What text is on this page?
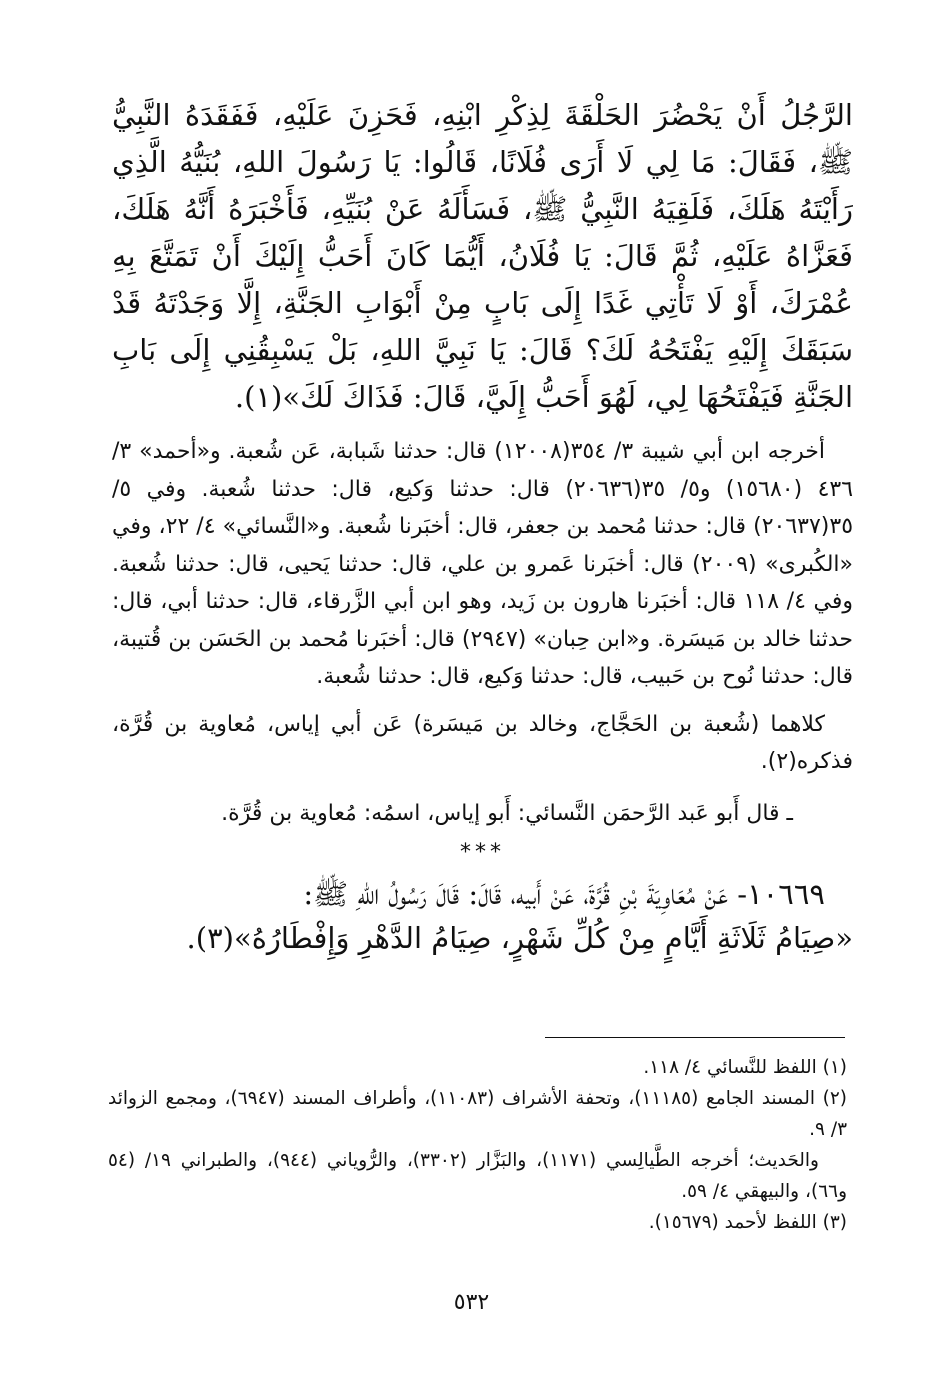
الرَّجُلُ أَنْ يَحْضُرَ الحَلْقَةَ لِذِكْرِ ابْنِهِ، فَحَزِنَ عَلَيْهِ، فَفَقَدَهُ النَّبِيُّ ﷺ، فَقَالَ: مَا لِي لَا أَرَى فُلَانًا، قَالُوا: يَا رَسُولَ اللهِ، بُنَيُّهُ الَّذِي رَأَيْتَهُ هَلَكَ، فَلَقِيَهُ النَّبِيُّ ﷺ، فَسَأَلَهُ عَنْ بُنَيِّهِ، فَأَخْبَرَهُ أَنَّهُ هَلَكَ، فَعَزَّاهُ عَلَيْهِ، ثُمَّ قَالَ: يَا فُلَانُ، أَيُّمَا كَانَ أَحَبُّ إِلَيْكَ أَنْ تَمَتَّعَ بِهِ عُمْرَكَ، أَوْ لَا تَأْتِي غَدًا إِلَى بَابٍ مِنْ أَبْوَابِ الجَنَّةِ، إِلَّا وَجَدْتَهُ قَدْ سَبَقَكَ إِلَيْهِ يَفْتَحُهُ لَكَ؟ قَالَ: يَا نَبِيَّ اللهِ، بَلْ يَسْبِقُنِي إِلَى بَابِ الجَنَّةِ فَيَفْتَحُهَا لِي، لَهُوَ أَحَبُّ إِلَيَّ، قَالَ: فَذَاكَ لَكَ»(١).

أخرجه ابن أبي شيبة ٣/ ٣٥٤(١٢٠٠٨) قال: حدثنا شَبابة، عَن شُعبة. و«أحمد» ٣/ ٤٣٦ (١٥٦٨٠) و٥/ ٣٥(٢٠٦٣٦) قال: حدثنا وَكيع، قال: حدثنا شُعبة. وفي ٥/ ٣٥(٢٠٦٣٧) قال: حدثنا مُحمد بن جعفر، قال: أخبَرنا شُعبة. و«النَّسائي» ٤/ ٢٢، وفي «الكُبرى» (٢٠٠٩) قال: أخبَرنا عَمرو بن علي، قال: حدثنا يَحيى، قال: حدثنا شُعبة. وفي ٤/ ١١٨ قال: أخبَرنا هارون بن زَيد، وهو ابن أبي الزَّرقاء، قال: حدثنا أبي، قال: حدثنا خالد بن مَيسَرة. و«ابن حِبان» (٢٩٤٧) قال: أخبَرنا مُحمد بن الحَسَن بن قُتيبة، قال: حدثنا نُوح بن حَبيب، قال: حدثنا وَكيع، قال: حدثنا شُعبة.

كلاهما (شُعبة بن الحَجَّاج، وخالد بن مَيسَرة) عَن أبي إياس، مُعاوية بن قُرَّة، فذكره(٢).

ـ قال أَبو عَبد الرَّحمَن النَّسائي: أَبو إياس، اسمُه: مُعاوية بن قُرَّة.

***

١٠٦٦٩- عَنْ مُعَاوِيَةَ بْنِ قُرَّةَ، عَنْ أَبيه، قَالَ: قَالَ رَسُولُ اللهِ ﷺ:
«صِيَامُ ثَلَاثَةِ أَيَّامٍ مِنْ كُلِّ شَهْرٍ، صِيَامُ الدَّهْرِ وَإِفْطَارُهُ»(٣).

(١) اللفظ للنَّسائي ٤/ ١١٨.

(٢) المسند الجامع (١١١٨٥)، وتحفة الأشراف (١١٠٨٣)، وأطراف المسند (٦٩٤٧)، ومجمع الزوائد ٣/ ٩.

والحَديث؛ أخرجه الطَّيالِسي (١١٧١)، والبَزَّار (٣٣٠٢)، والرُّوياني (٩٤٤)، والطبراني ١٩/ (٥٤ و٦٦)، والبيهقي ٤/ ٥٩.

(٣) اللفظ لأحمد (١٥٦٧٩).

٥٣٢
